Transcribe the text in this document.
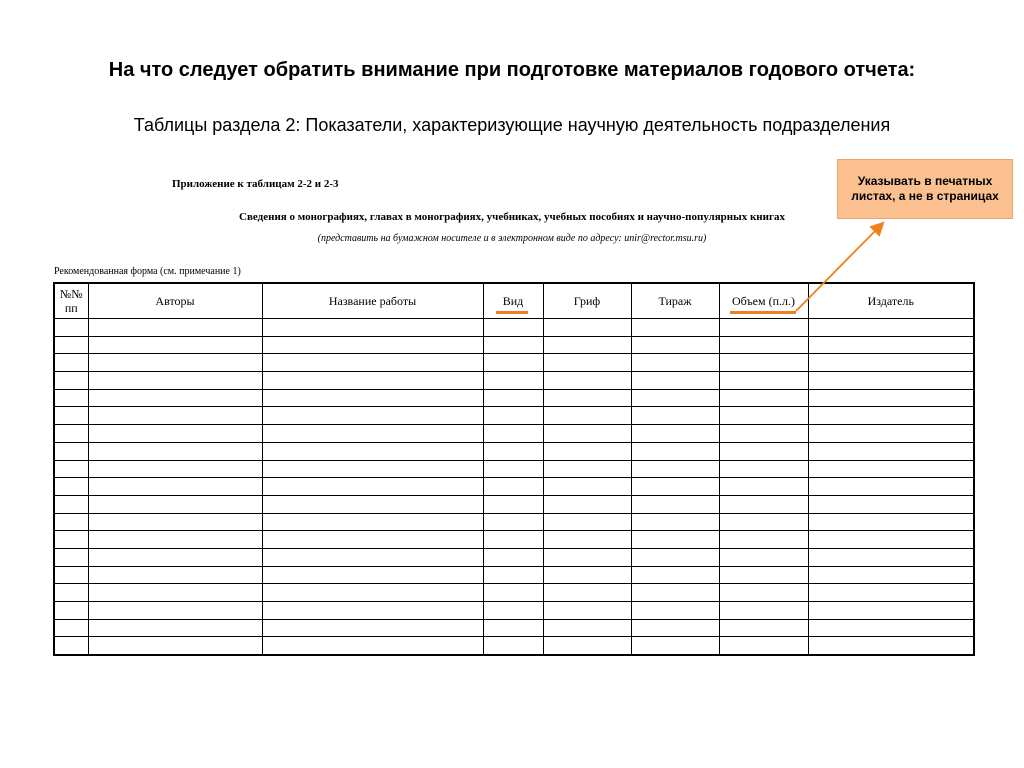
На что следует обратить внимание при подготовке материалов годового отчета:
Таблицы раздела 2: Показатели, характеризующие научную деятельность подразделения
Приложение к таблицам 2-2 и 2-3
Сведения о монографиях, главах в монографиях, учебниках, учебных пособиях и научно-популярных книгах
(представить на бумажном носителе и в электронном виде по адресу: unir@rector.msu.ru)
Рекомендованная форма (см. примечание 1)
Указывать в печатных листах, а не в страницах
№№ пп	Авторы	Название работы	Вид	Гриф	Тираж	Объем (п.л.)	Издатель
